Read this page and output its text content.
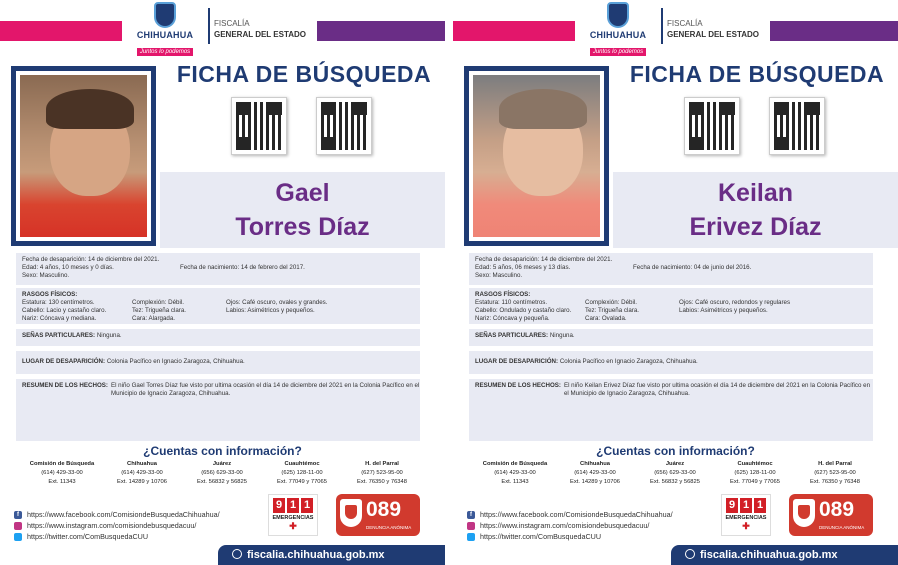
CHIHUAHUA
Juntos lo podemos
FISCALÍA
GENERAL DEL ESTADO
FICHA DE BÚSQUEDA
Gael
Torres Díaz
Fecha de desaparición: 14 de diciembre del 2021.
Edad: 4 años, 10 meses y 0 días.
Sexo: Masculino.
Fecha de nacimiento: 14 de febrero del 2017.
RASGOS FÍSICOS:
Estatura: 130 centímetros.
Cabello: Lacio y castaño claro.
Nariz: Cóncava y mediana.
Complexión: Débil.
Tez: Trigueña clara.
Cara: Alargada.
Ojos: Café oscuro, ovales y grandes.
Labios: Asimétricos y pequeños.
SEÑAS PARTICULARES: Ninguna.
LUGAR DE DESAPARICIÓN: Colonia Pacífico en Ignacio Zaragoza, Chihuahua.
RESUMEN DE LOS HECHOS: El niño Gael Torres Díaz fue visto por ultima ocasión el día 14 de diciembre del 2021 en la Colonia Pacífico en el Municipio de Ignacio Zaragoza, Chihuahua.
¿Cuentas con información?
Comisión de Búsqueda
(614) 429-33-00
Ext. 11343
Chihuahua
(614) 429-33-00
Ext. 14289 y 10706
Juárez
(656) 629-33-00
Ext. 56832 y 56825
Cuauhtémoc
(625) 128-11-00
Ext. 77049 y 77065
H. del Parral
(627) 523-95-00
Ext. 76350 y 76348
f	https://www.facebook.com/ComisiondeBusquedaChihuahua/
https://www.instagram.com/comisiondebusquedacuu/
https://twitter.com/ComBusquedaCUU
9 1 1
EMERGENCIAS
✚
089
DENUNCIA ANÓNIMA
fiscalia.chihuahua.gob.mx
CHIHUAHUA
Juntos lo podemos
FISCALÍA
GENERAL DEL ESTADO
FICHA DE BÚSQUEDA
Keilan
Erivez Díaz
Fecha de desaparición: 14 de diciembre del 2021.
Edad: 5 años, 06 meses y 13 días.
Sexo: Masculino.
Fecha de nacimiento: 04 de junio del 2016.
RASGOS FÍSICOS:
Estatura: 110 centímetros.
Cabello: Ondulado y castaño claro.
Nariz: Cóncava y pequeña.
Complexión: Débil.
Tez: Trigueña clara.
Cara: Ovalada.
Ojos: Café oscuro, redondos y regulares
Labios: Asimétricos y pequeños.
SEÑAS PARTICULARES: Ninguna.
LUGAR DE DESAPARICIÓN: Colonia Pacífico en Ignacio Zaragoza, Chihuahua.
RESUMEN DE LOS HECHOS: El niño Keilan Erivez Díaz fue visto por ultima ocasión el día 14 de diciembre del 2021 en la Colonia Pacífico en el Municipio de Ignacio Zaragoza, Chihuahua.
¿Cuentas con información?
Comisión de Búsqueda
(614) 429-33-00
Ext. 11343
Chihuahua
(614) 429-33-00
Ext. 14289 y 10706
Juárez
(656) 629-33-00
Ext. 56832 y 56825
Cuauhtémoc
(625) 128-11-00
Ext. 77049 y 77065
H. del Parral
(627) 523-95-00
Ext. 76350 y 76348
f	https://www.facebook.com/ComisiondeBusquedaChihuahua/
https://www.instagram.com/comisiondebusquedacuu/
https://twitter.com/ComBusquedaCUU
9 1 1
EMERGENCIAS
✚
089
DENUNCIA ANÓNIMA
fiscalia.chihuahua.gob.mx
